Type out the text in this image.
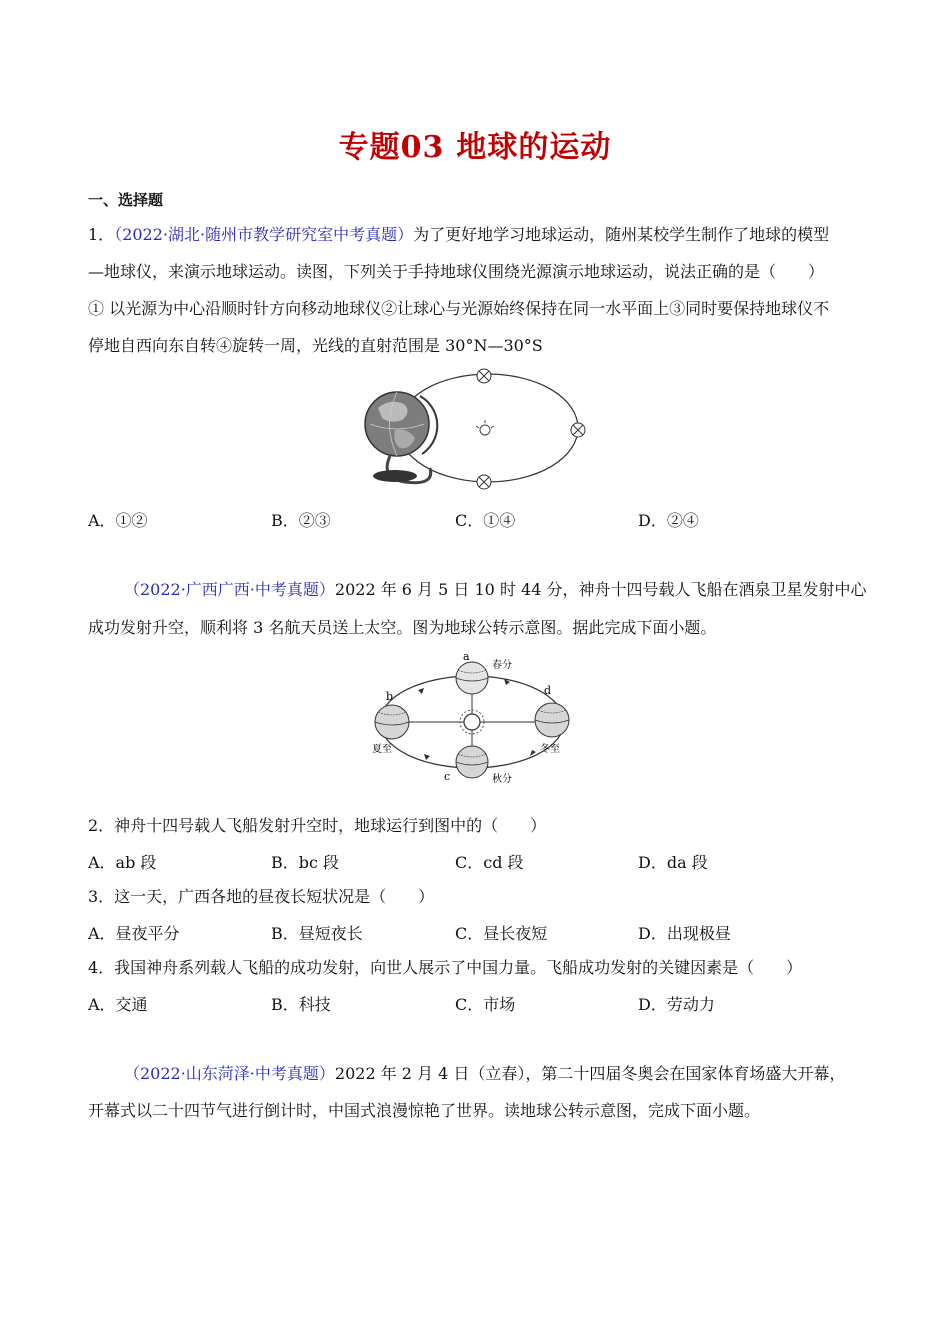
专题03 地球的运动
一、选择题
1．（2022·湖北·随州市教学研究室中考真题）为了更好地学习地球运动，随州某校学生制作了地球的模型
—地球仪，来演示地球运动。读图，下列关于手持地球仪围绕光源演示地球运动，说法正确的是（　　）
① 以光源为中心沿顺时针方向移动地球仪②让球心与光源始终保持在同一水平面上③同时要保持地球仪不
停地自西向东自转④旋转一周，光线的直射范围是 30°N—30°S
A．①②	B．②③	C．①④	D．②④
（2022·广西广西·中考真题）2022 年 6 月 5 日 10 时 44 分，神舟十四号载人飞船在酒泉卫星发射中心
成功发射升空，顺利将 3 名航天员送上太空。图为地球公转示意图。据此完成下面小题。
a
春分
b
夏至
c	秋分
d
冬至
2．神舟十四号载人飞船发射升空时，地球运行到图中的（　　）
A．ab 段	B．bc 段	C．cd 段	D．da 段
3．这一天，广西各地的昼夜长短状况是（　　）
A．昼夜平分	B．昼短夜长	C．昼长夜短	D．出现极昼
4．我国神舟系列载人飞船的成功发射，向世人展示了中国力量。飞船成功发射的关键因素是（　　）
A．交通	B．科技	C．市场	D．劳动力
（2022·山东菏泽·中考真题）2022 年 2 月 4 日（立春），第二十四届冬奥会在国家体育场盛大开幕，
开幕式以二十四节气进行倒计时，中国式浪漫惊艳了世界。读地球公转示意图，完成下面小题。
